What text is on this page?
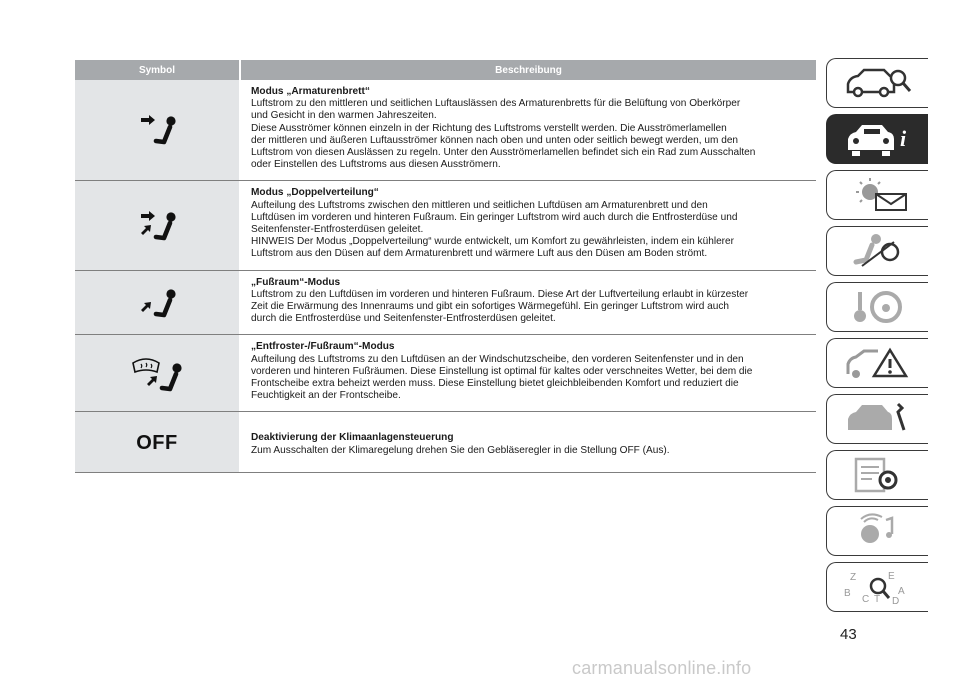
Symbol	Beschreibung
Modus „Armaturenbrett“

Luftstrom zu den mittleren und seitlichen Luftauslässen des Armaturenbretts für die Belüftung von Oberkörper

und Gesicht in den warmen Jahreszeiten.

Diese Ausströmer können einzeln in der Richtung des Luftstroms verstellt werden. Die Ausströmerlamellen

der mittleren und äußeren Luftausströmer können nach oben und unten oder seitlich bewegt werden, um den

Luftstrom von diesen Auslässen zu regeln. Unter den Ausströmerlamellen befindet sich ein Rad zum Ausschalten

oder Einstellen des Luftstroms aus diesen Ausströmern.

Modus „Doppelverteilung“

Aufteilung des Luftstroms zwischen den mittleren und seitlichen Luftdüsen am Armaturenbrett und den

Luftdüsen im vorderen und hinteren Fußraum. Ein geringer Luftstrom wird auch durch die Entfrosterdüse und

Seitenfenster-Entfrosterdüsen geleitet.

HINWEIS Der Modus „Doppelverteilung“ wurde entwickelt, um Komfort zu gewährleisten, indem ein kühlerer

Luftstrom aus den Düsen auf dem Armaturenbrett und wärmere Luft aus den Düsen am Boden strömt.

„Fußraum“-Modus

Luftstrom zu den Luftdüsen im vorderen und hinteren Fußraum. Diese Art der Luftverteilung erlaubt in kürzester

Zeit die Erwärmung des Innenraums und gibt ein sofortiges Wärmegefühl. Ein geringer Luftstrom wird auch

durch die Entfrosterdüse und Seitenfenster-Entfrosterdüsen geleitet.

„Entfroster-/Fußraum“-Modus

Aufteilung des Luftstroms zu den Luftdüsen an der Windschutzscheibe, den vorderen Seitenfenster und in den

vorderen und hinteren Fußräumen. Diese Einstellung ist optimal für kaltes oder verschneites Wetter, bei dem die

Frontscheibe extra beheizt werden muss. Diese Einstellung bietet gleichbleibenden Komfort und reduziert die

Feuchtigkeit an der Frontscheibe.

OFF	Deaktivierung der Klimaanlagensteuerung

Zum Ausschalten der Klimaregelung drehen Sie den Gebläseregler in die Stellung OFF (Aus).

i
Z	E
B
C
A
D
T
43
carmanualsonline.info
